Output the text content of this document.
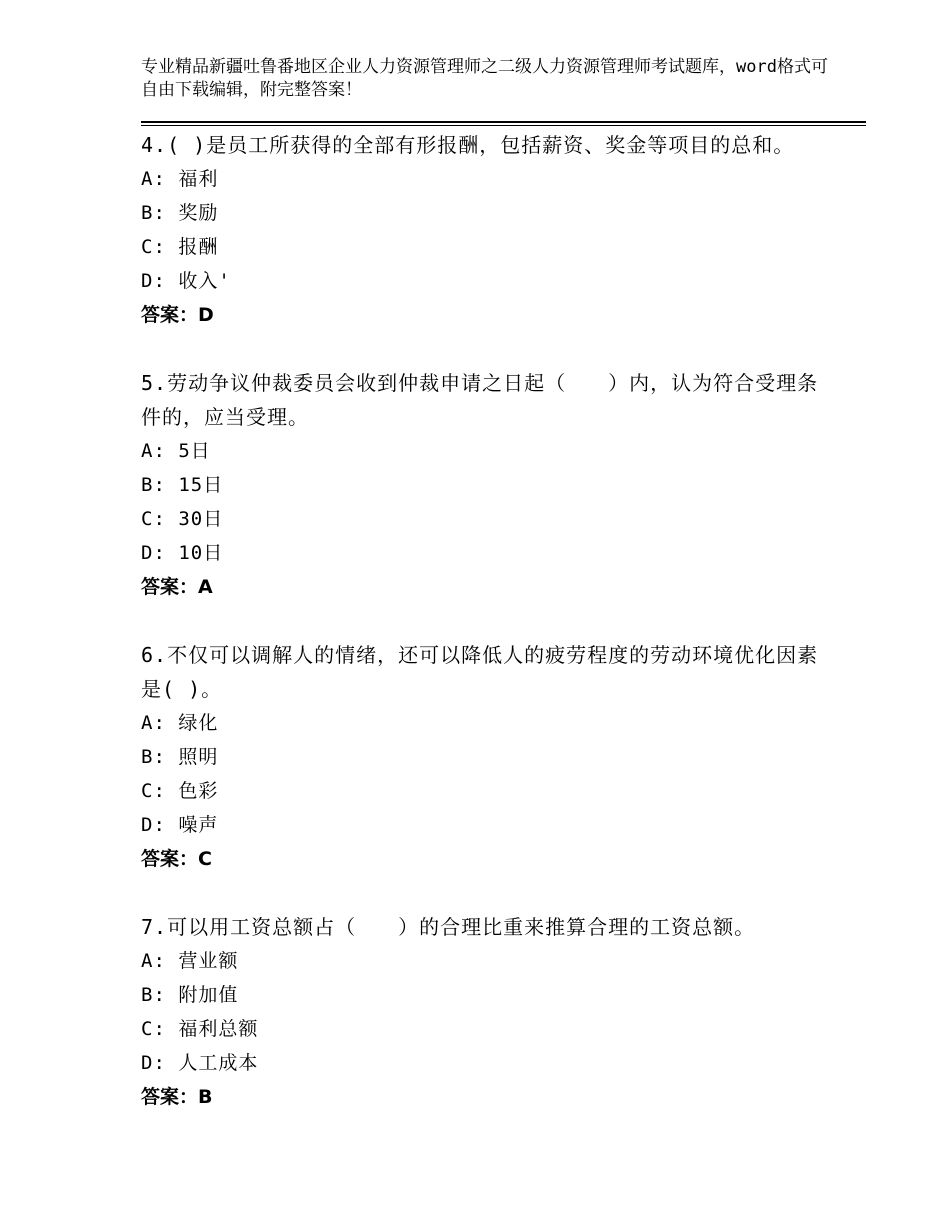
专业精品新疆吐鲁番地区企业人力资源管理师之二级人力资源管理师考试题库，word格式可自由下载编辑，附完整答案！

4.( )是员工所获得的全部有形报酬，包括薪资、奖金等项目的总和。

A: 福利

B: 奖励

C: 报酬

D: 收入'

答案：D

5.劳动争议仲裁委员会收到仲裁申请之日起（　　）内，认为符合受理条件的，应当受理。

A: 5日

B: 15日

C: 30日

D: 10日

答案：A

6.不仅可以调解人的情绪，还可以降低人的疲劳程度的劳动环境优化因素是( )。

A: 绿化

B: 照明

C: 色彩

D: 噪声

答案：C

7.可以用工资总额占（　　）的合理比重来推算合理的工资总额。

A: 营业额

B: 附加值

C: 福利总额

D: 人工成本

答案：B
